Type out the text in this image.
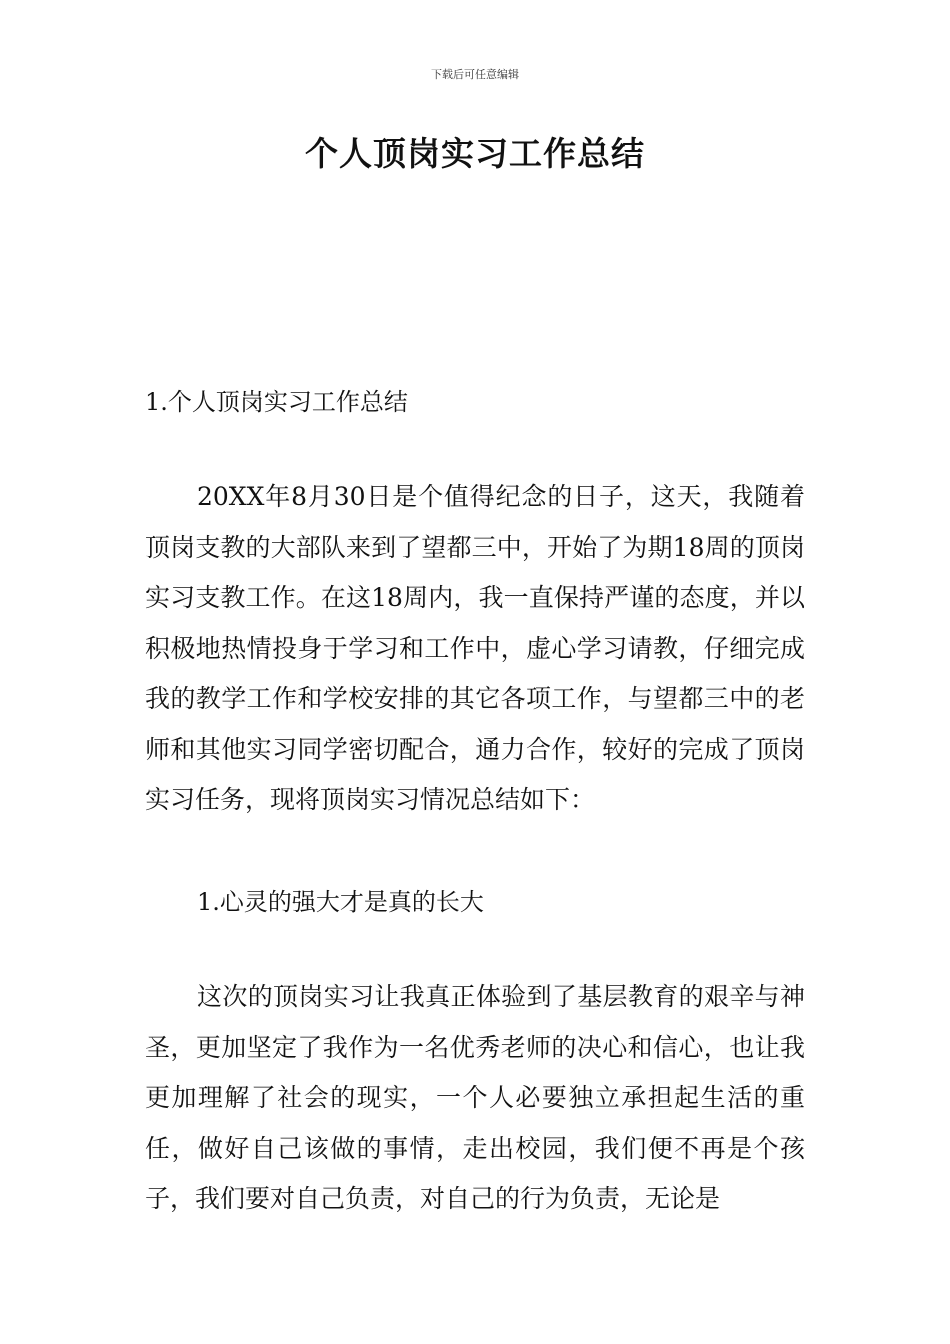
下载后可任意编辑
个人顶岗实习工作总结
1.个人顶岗实习工作总结

20XX年8月30日是个值得纪念的日子，这天，我随着顶岗支教的大部队来到了望都三中，开始了为期18周的顶岗实习支教工作。在这18周内，我一直保持严谨的态度，并以积极地热情投身于学习和工作中，虚心学习请教，仔细完成我的教学工作和学校安排的其它各项工作，与望都三中的老师和其他实习同学密切配合，通力合作，较好的完成了顶岗实习任务，现将顶岗实习情况总结如下：

1.心灵的强大才是真的长大

这次的顶岗实习让我真正体验到了基层教育的艰辛与神圣，更加坚定了我作为一名优秀老师的决心和信心，也让我更加理解了社会的现实，一个人必要独立承担起生活的重任，做好自己该做的事情，走出校园，我们便不再是个孩子，我们要对自己负责，对自己的行为负责，无论是
